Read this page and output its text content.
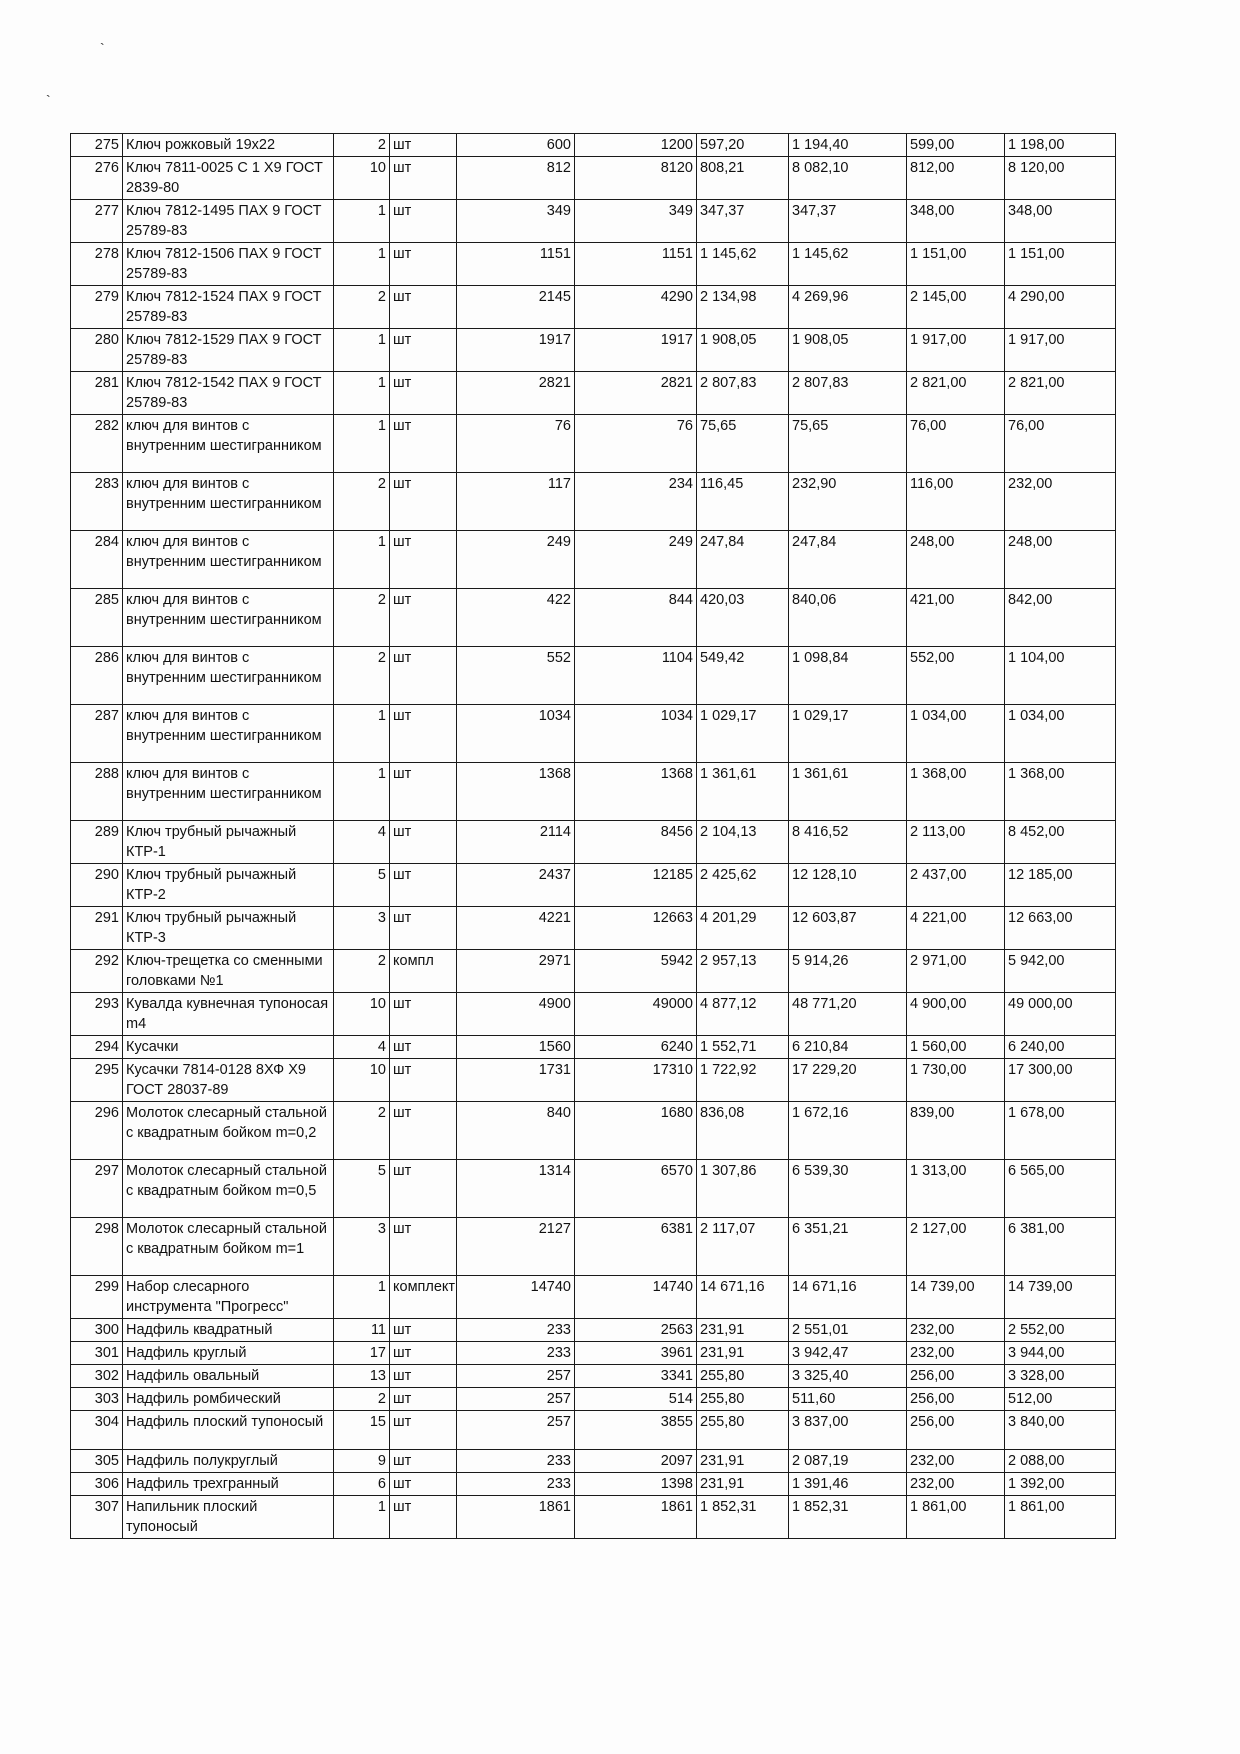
`
`
275	Ключ рожковый 19х22	2	шт	600	1200	597,20	1 194,40	599,00	1 198,00
276	Ключ 7811-0025 С 1 Х9 ГОСТ 2839-80	10	шт	812	8120	808,21	8 082,10	812,00	8 120,00
277	Ключ 7812-1495 ПАХ 9 ГОСТ 25789-83	1	шт	349	349	347,37	347,37	348,00	348,00
278	Ключ 7812-1506 ПАХ 9 ГОСТ 25789-83	1	шт	1151	1151	1 145,62	1 145,62	1 151,00	1 151,00
279	Ключ 7812-1524 ПАХ 9 ГОСТ 25789-83	2	шт	2145	4290	2 134,98	4 269,96	2 145,00	4 290,00
280	Ключ 7812-1529 ПАХ 9 ГОСТ 25789-83	1	шт	1917	1917	1 908,05	1 908,05	1 917,00	1 917,00
281	Ключ 7812-1542 ПАХ 9 ГОСТ 25789-83	1	шт	2821	2821	2 807,83	2 807,83	2 821,00	2 821,00
282	ключ для винтов с внутренним шестигранником	1	шт	76	76	75,65	75,65	76,00	76,00
283	ключ для винтов с внутренним шестигранником	2	шт	117	234	116,45	232,90	116,00	232,00
284	ключ для винтов с внутренним шестигранником	1	шт	249	249	247,84	247,84	248,00	248,00
285	ключ для винтов с внутренним шестигранником	2	шт	422	844	420,03	840,06	421,00	842,00
286	ключ для винтов с внутренним шестигранником	2	шт	552	1104	549,42	1 098,84	552,00	1 104,00
287	ключ для винтов с внутренним шестигранником	1	шт	1034	1034	1 029,17	1 029,17	1 034,00	1 034,00
288	ключ для винтов с внутренним шестигранником	1	шт	1368	1368	1 361,61	1 361,61	1 368,00	1 368,00
289	Ключ трубный рычажный КТР-1	4	шт	2114	8456	2 104,13	8 416,52	2 113,00	8 452,00
290	Ключ трубный рычажный КТР-2	5	шт	2437	12185	2 425,62	12 128,10	2 437,00	12 185,00
291	Ключ трубный рычажный КТР-3	3	шт	4221	12663	4 201,29	12 603,87	4 221,00	12 663,00
292	Ключ-трещетка со сменными головками №1	2	компл	2971	5942	2 957,13	5 914,26	2 971,00	5 942,00
293	Кувалда кувнечная тупоносая m4	10	шт	4900	49000	4 877,12	48 771,20	4 900,00	49 000,00
294	Кусачки	4	шт	1560	6240	1 552,71	6 210,84	1 560,00	6 240,00
295	Кусачки 7814-0128 8ХФ Х9 ГОСТ 28037-89	10	шт	1731	17310	1 722,92	17 229,20	1 730,00	17 300,00
296	Молоток слесарный стальной с квадратным бойком m=0,2	2	шт	840	1680	836,08	1 672,16	839,00	1 678,00
297	Молоток слесарный стальной с квадратным бойком m=0,5	5	шт	1314	6570	1 307,86	6 539,30	1 313,00	6 565,00
298	Молоток слесарный стальной с квадратным бойком m=1	3	шт	2127	6381	2 117,07	6 351,21	2 127,00	6 381,00
299	Набор слесарного инструмента "Прогресс"	1	комплект	14740	14740	14 671,16	14 671,16	14 739,00	14 739,00
300	Надфиль квадратный	11	шт	233	2563	231,91	2 551,01	232,00	2 552,00
301	Надфиль круглый	17	шт	233	3961	231,91	3 942,47	232,00	3 944,00
302	Надфиль овальный	13	шт	257	3341	255,80	3 325,40	256,00	3 328,00
303	Надфиль ромбический	2	шт	257	514	255,80	511,60	256,00	512,00
304	Надфиль плоский тупоносый	15	шт	257	3855	255,80	3 837,00	256,00	3 840,00
305	Надфиль полукруглый	9	шт	233	2097	231,91	2 087,19	232,00	2 088,00
306	Надфиль трехгранный	6	шт	233	1398	231,91	1 391,46	232,00	1 392,00
307	Напильник плоский тупоносый	1	шт	1861	1861	1 852,31	1 852,31	1 861,00	1 861,00
